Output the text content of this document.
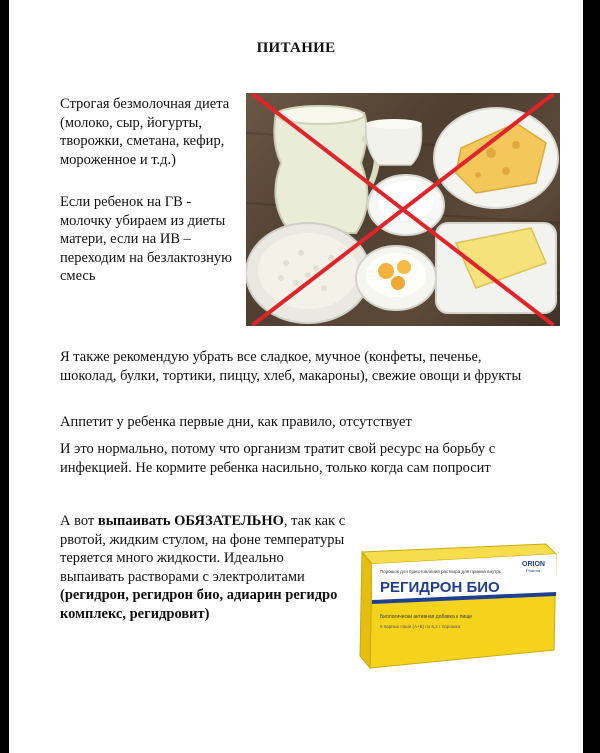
ПИТАНИЕ

Строгая безмолочная диета (молоко, сыр, йогурты, творожки, сметана, кефир, мороженное и т.д.)

Если ребенок на ГВ - молочку убираем из диеты матери, если на ИВ – переходим на безлактозную смесь

Я также рекомендую убрать все сладкое, мучное (конфеты, печенье, шоколад, булки, тортики, пиццу, хлеб, макароны), свежие овощи и фрукты

Аппетит у ребенка первые дни, как правило, отсутствует

И это нормально, потому что организм тратит свой ресурс на борьбу с инфекцией. Не кормите ребенка насильно, только когда сам попросит

А вот выпаивать ОБЯЗАТЕЛЬНО, так как с рвотой, жидким стулом, на фоне температуры теряется много жидкости. Идеально выпаивать растворами с электролитами (регидрон, регидрон био, адиарин регидро комплекс, регидровит)

Порошок для приготовления раствора для приема внутрь
ORION
Pharma
РЕГИДРОН БИО
Биологически активная добавка к пище
5 парных саше (А+Б) по 6,4 г порошка
